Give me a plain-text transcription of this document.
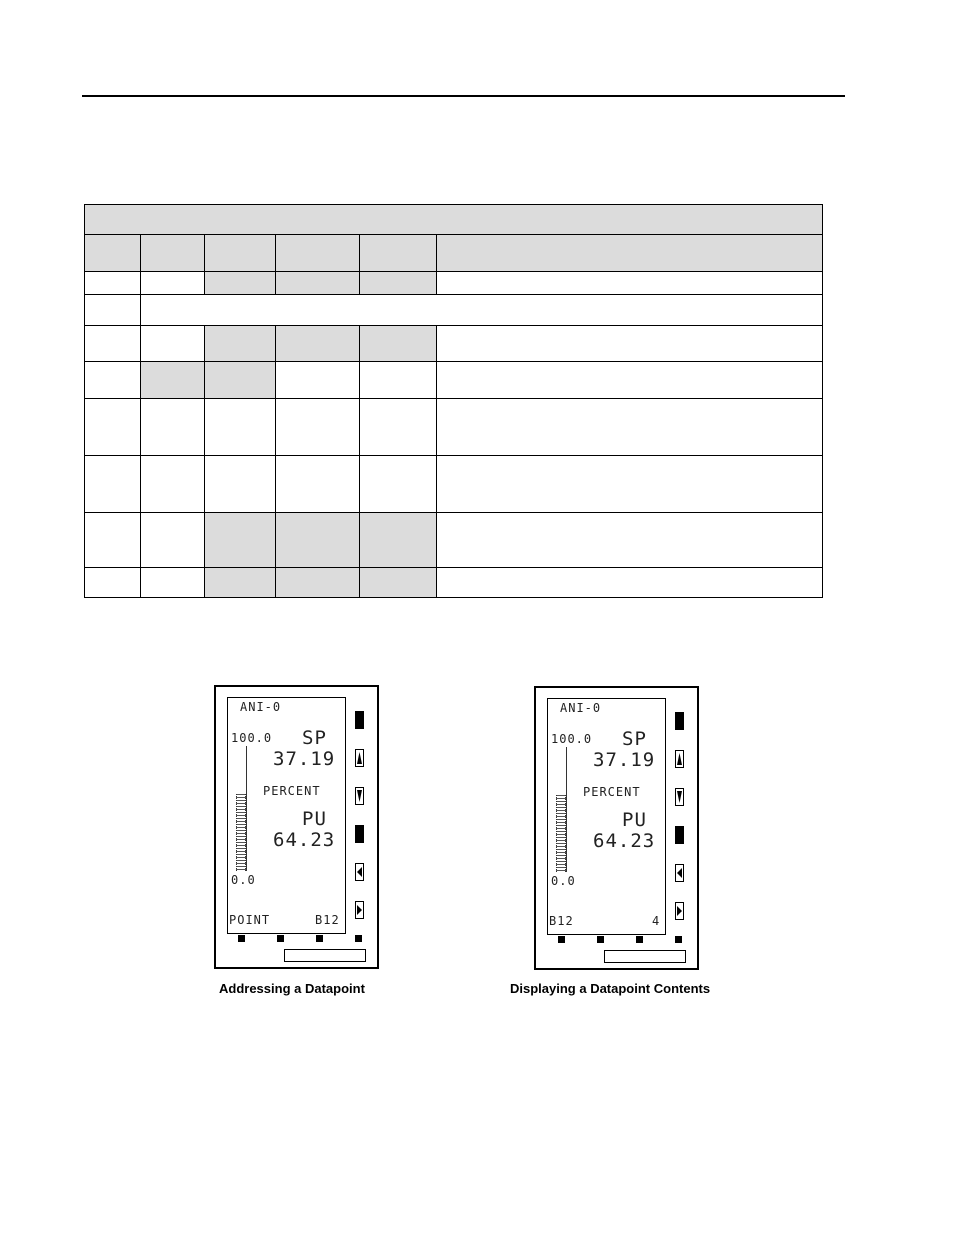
ANI-0
100.0 SP
37.19
PERCENT
PU
64.23
0.0
POINT	B12
Addressing a Datapoint
ANI-0
100.0 SP
37.19
PERCENT
PU
64.23
0.0
B12	4
Displaying a Datapoint Contents
